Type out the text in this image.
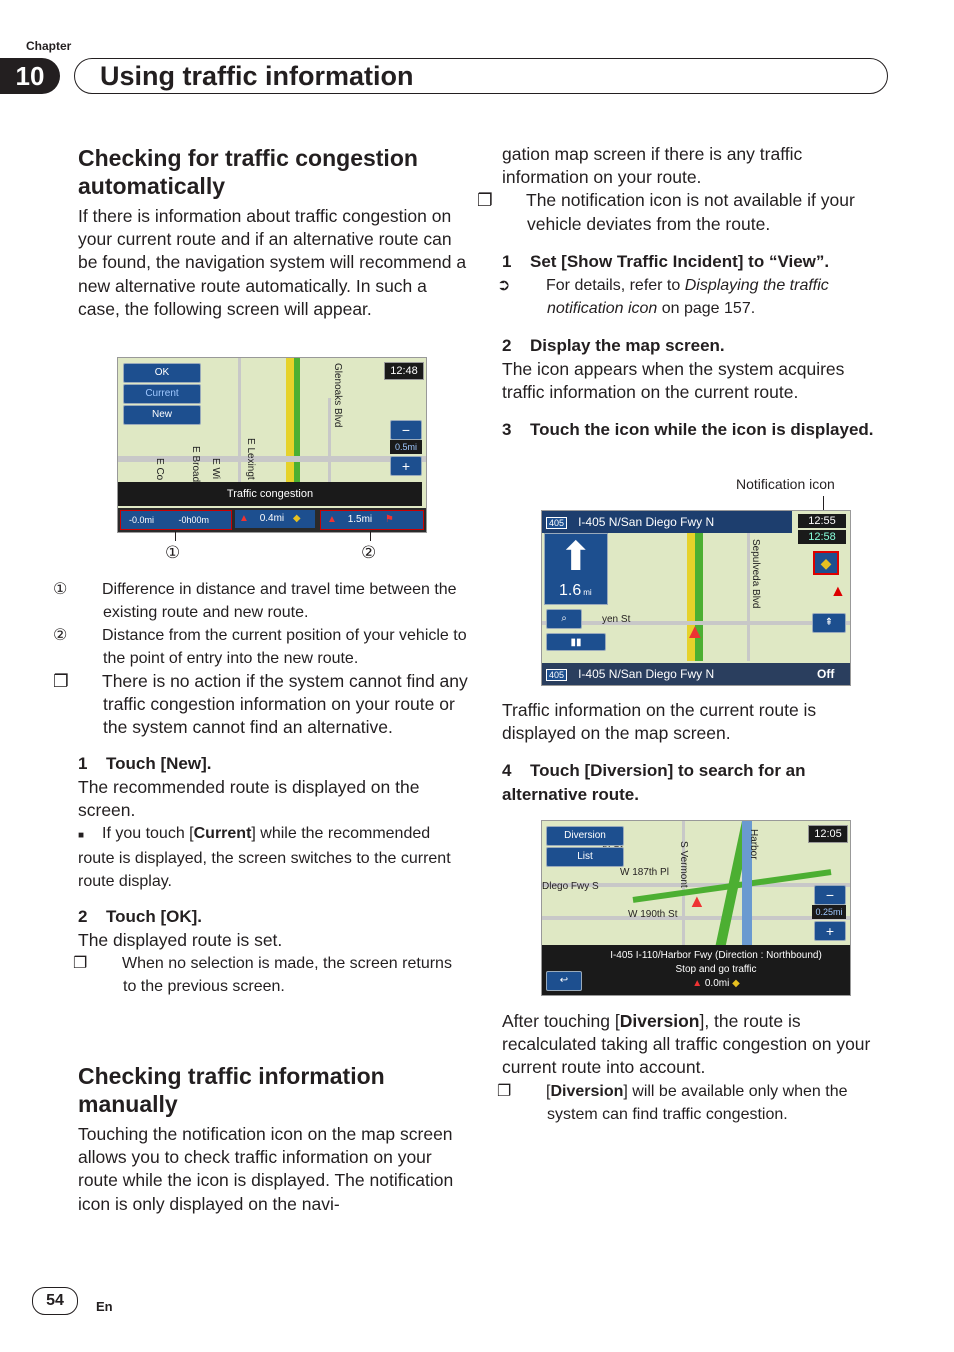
Chapter
10	Using traffic information
Checking for traffic congestion automatically
If there is information about traffic congestion on your current route and if an alternative route can be found, the navigation system will recommend a new alternative route automatically. In such a case, the following screen will appear.
Glenoaks Blvd
E Lexingt
E Broad E Wi
E Co
OK
Current
New
12:48
−
0.5mi
+
Traffic congestion
-0.0mi	-0h00m	▲ 0.4mi ◆	▲ 1.5mi ⚑
①	②
① Difference in distance and travel time between the existing route and new route.
② Distance from the current position of your vehicle to the point of entry into the new route.
❐ There is no action if the system cannot find any traffic congestion information on your route or the system cannot find an alternative.
1 Touch [New].
The recommended route is displayed on the screen.
■ If you touch [Current] while the recommended route is displayed, the screen switches to the current route display.
2 Touch [OK].
The displayed route is set.
❐ When no selection is made, the screen returns to the previous screen.
Checking traffic information manually
Touching the notification icon on the map screen allows you to check traffic information on your route while the icon is displayed. The notification icon is only displayed on the navi-
gation map screen if there is any traffic information on your route.
❐ The notification icon is not available if your vehicle deviates from the route.
1 Set [Show Traffic Incident] to “View”.
➲ For details, refer to Displaying the traffic notification icon on page 157.
2 Display the map screen.
The icon appears when the system acquires traffic information on the current route.
3 Touch the icon while the icon is displayed.
Notification icon
Sepulveda Blvd
yen St
405 I-405 N/San Diego Fwy N
⬆
1.6 mi
⌕
▮▮
12:55
12:58
◆
▲
⇞
▲
405 I-405 N/San Diego Fwy N	Off
Traffic information on the current route is displayed on the map screen.
4 Touch [Diversion] to search for an alternative route.
Dlego Fwy S
W 187th Pl
W 190th St
S Vermont	Harbor
▲
Diversion
List
12:05
−
0.25mi
+
↩
I-405 I-110/Harbor Fwy (Direction : Northbound)
Stop and go traffic
▲ 0.0mi ◆
After touching [Diversion], the route is recalculated taking all traffic congestion on your current route into account.
❐ [Diversion] will be available only when the system can find traffic congestion.
54	En
